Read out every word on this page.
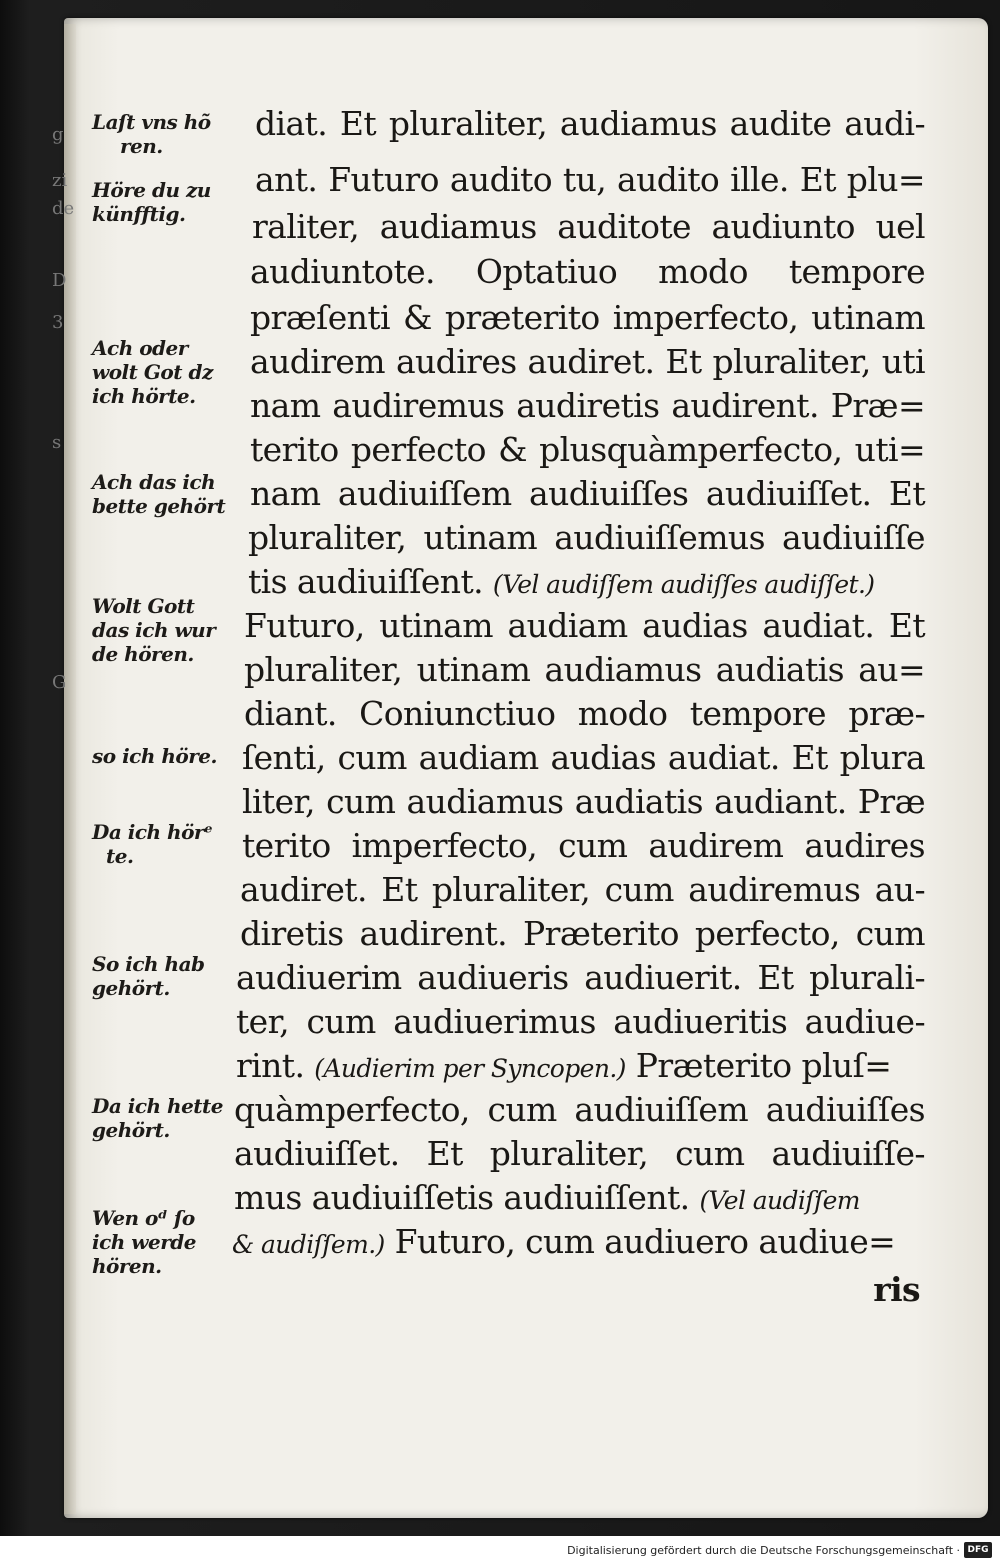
g
zi
de
D
3
s
G
Laſt vns hõ
ren.
Höre du zu
künfftig.
Ach oder
wolt Got dz
ich hörte.
Ach das ich
bette gehört
Wolt Gott
das ich wur
de hören.
so ich höre.
Da ich hörᵉ
te.
So ich hab
gehört.
Da ich hette
gehört.
Wen oᵈ ſo
ich werde
hören.
diat. Et pluraliter, audiamus audite audi-
ant. Futuro audito tu, audito ille. Et plu=
raliter, audiamus auditote audiunto uel
audiuntote. Optatiuo modo tempore
præſenti & præterito imperfecto, utinam
audirem audires audiret. Et pluraliter, uti
nam audiremus audiretis audirent. Præ=
terito perfecto & plusquàmperfecto, uti=
nam audiuiſſem audiuiſſes audiuiſſet. Et
pluraliter, utinam audiuiſſemus audiuiſſe
tis audiuiſſent. (Vel audiſſem audiſſes audiſſet.)
Futuro, utinam audiam audias audiat. Et
pluraliter, utinam audiamus audiatis au=
diant. Coniunctiuo modo tempore præ-
ſenti, cum audiam audias audiat. Et plura
liter, cum audiamus audiatis audiant. Præ
terito imperfecto, cum audirem audires
audiret. Et pluraliter, cum audiremus au-
diretis audirent. Præterito perfecto, cum
audiuerim audiueris audiuerit. Et plurali-
ter, cum audiuerimus audiueritis audiue-
rint. (Audierim per Syncopen.) Præterito pluſ=
quàmperfecto, cum audiuiſſem audiuiſſes
audiuiſſet. Et pluraliter, cum audiuiſſe-
mus audiuiſſetis audiuiſſent. (Vel audiſſem
& audiſſem.) Futuro, cum audiuero audiue=
ris
Digitalisierung gefördert durch die Deutsche Forschungsgemeinschaft · DFG
